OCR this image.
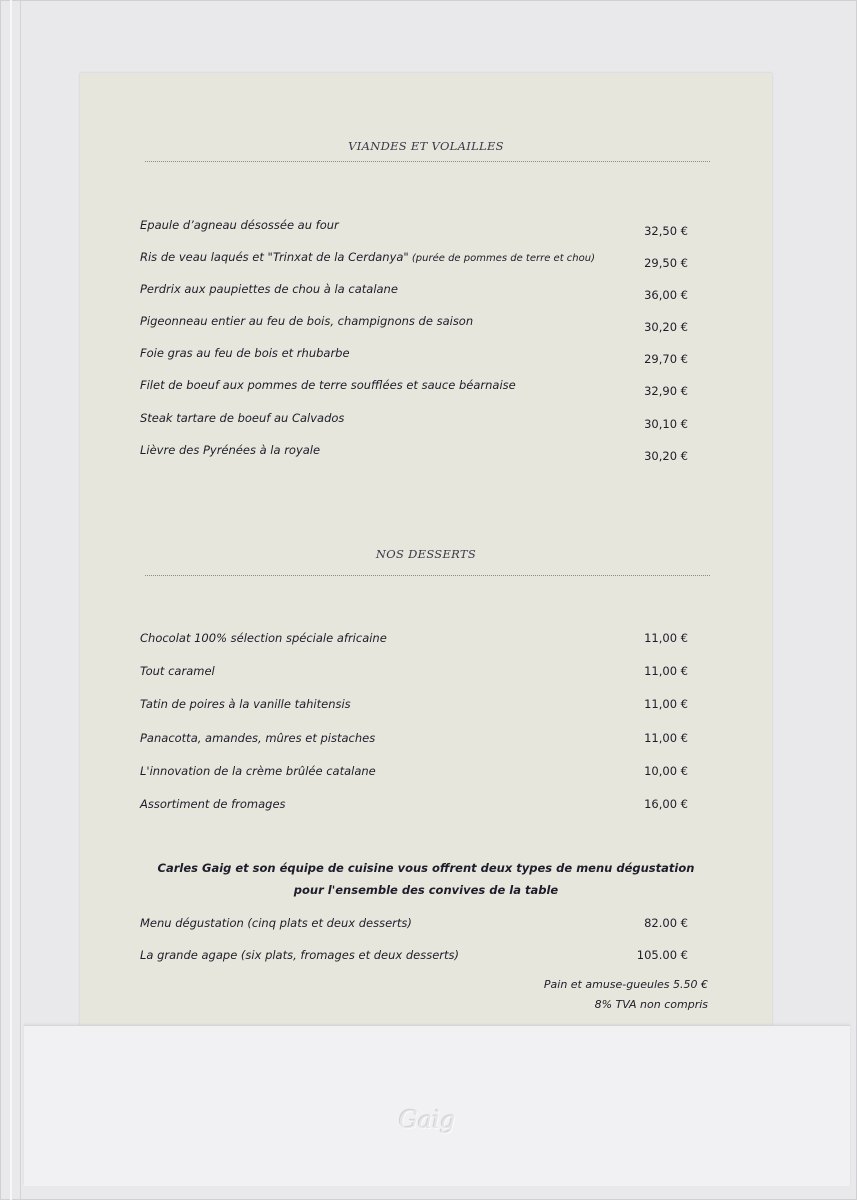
VIANDES ET VOLAILLES
Epaule d’agneau désossée au four	32,50 €
Ris de veau laqués et "Trinxat de la Cerdanya" (purée de pommes de terre et chou)	29,50 €
Perdrix aux paupiettes de chou à la catalane	36,00 €
Pigeonneau entier au feu de bois, champignons de saison	30,20 €
Foie gras au feu de bois et rhubarbe	29,70 €
Filet de boeuf aux pommes de terre soufflées et sauce béarnaise	32,90 €
Steak tartare de boeuf au Calvados	30,10 €
Lièvre des Pyrénées à la royale	30,20 €
NOS DESSERTS
Chocolat 100% sélection spéciale africaine	11,00 €
Tout caramel	11,00 €
Tatin de poires à la vanille tahitensis	11,00 €
Panacotta, amandes, mûres et pistaches	11,00 €
L'innovation de la crème brûlée catalane	10,00 €
Assortiment de fromages	16,00 €
Carles Gaig et son équipe de cuisine vous offrent deux types de menu dégustation
pour l'ensemble des convives de la table
Menu dégustation (cinq plats et deux desserts)	82.00 €
La grande agape (six plats, fromages et deux desserts)	105.00 €
Pain et amuse-gueules 5.50 €
8% TVA non compris
Gaig
